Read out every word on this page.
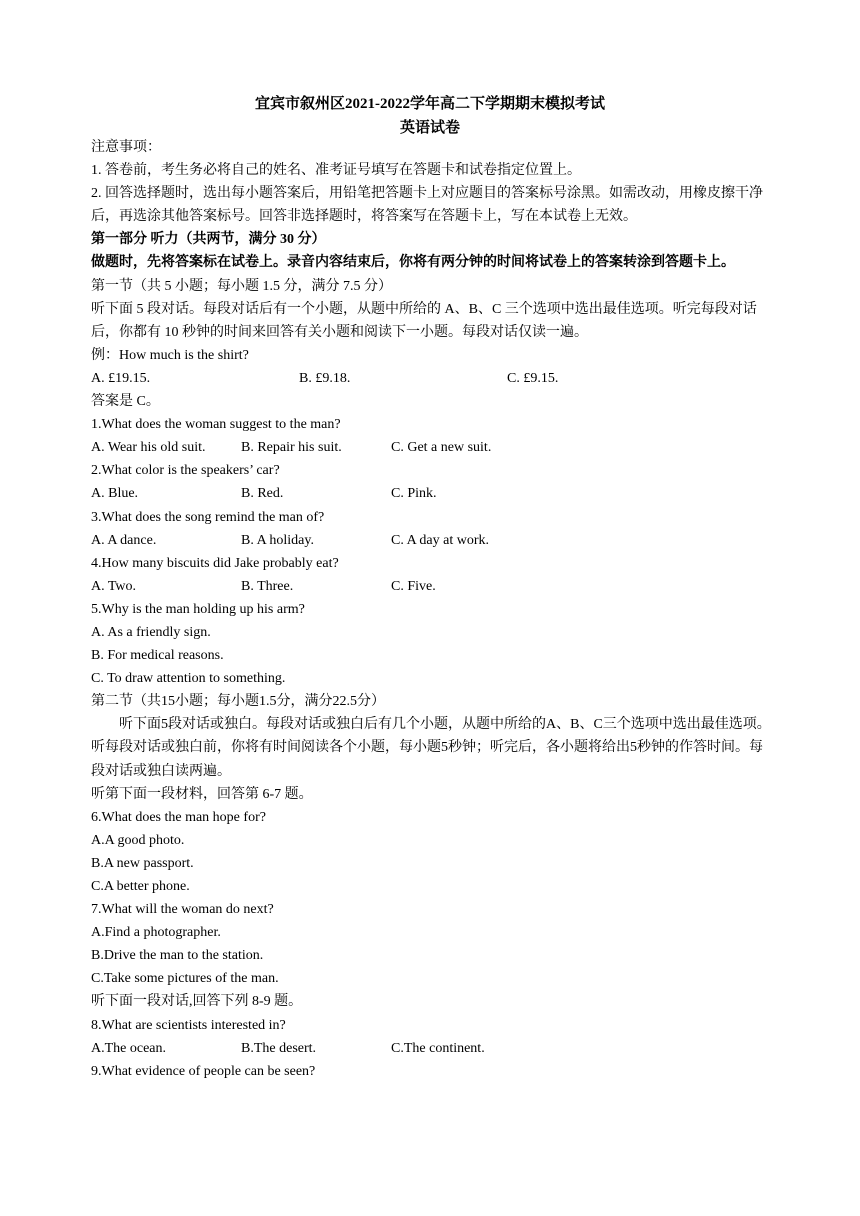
宜宾市叙州区2021-2022学年高二下学期期末模拟考试
英语试卷
注意事项：
1. 答卷前，考生务必将自己的姓名、准考证号填写在答题卡和试卷指定位置上。
2. 回答选择题时，选出每小题答案后，用铅笔把答题卡上对应题目的答案标号涂黑。如需改动，用橡皮擦干净后，再选涂其他答案标号。回答非选择题时，将答案写在答题卡上，写在本试卷上无效。
第一部分 听力（共两节，满分 30 分）
做题时，先将答案标在试卷上。录音内容结束后，你将有两分钟的时间将试卷上的答案转涂到答题卡上。
第一节（共 5 小题；每小题 1.5 分，满分 7.5 分）
听下面 5 段对话。每段对话后有一个小题，从题中所给的 A、B、C 三个选项中选出最佳选项。听完每段对话后，你都有 10 秒钟的时间来回答有关小题和阅读下一小题。每段对话仅读一遍。
例：How much is the shirt?
A. £19.15.	B. £9.18.	C. £9.15.
答案是 C。
1.What does the woman suggest to the man?
A. Wear his old suit.	B. Repair his suit.	C. Get a new suit.
2.What color is the speakers’ car?
A. Blue.	B. Red.	C. Pink.
3.What does the song remind the man of?
A. A dance.	B. A holiday.	C. A day at work.
4.How many biscuits did Jake probably eat?
A. Two.	B. Three.	C. Five.
5.Why is the man holding up his arm?
A. As a friendly sign.
B. For medical reasons.
C. To draw attention to something.
第二节（共15小题；每小题1.5分，满分22.5分）
听下面5段对话或独白。每段对话或独白后有几个小题，从题中所给的A、B、C三个选项中选出最佳选项。听每段对话或独白前，你将有时间阅读各个小题，每小题5秒钟；听完后，各小题将给出5秒钟的作答时间。每段对话或独白读两遍。
听第下面一段材料，回答第 6-7 题。
6.What does the man hope for?
A.A good photo.
B.A new passport.
C.A better phone.
7.What will the woman do next?
A.Find a photographer.
B.Drive the man to the station.
C.Take some pictures of the man.
听下面一段对话,回答下列 8-9 题。
8.What are scientists interested in?
A.The ocean.	B.The desert.	C.The continent.
9.What evidence of people can be seen?
